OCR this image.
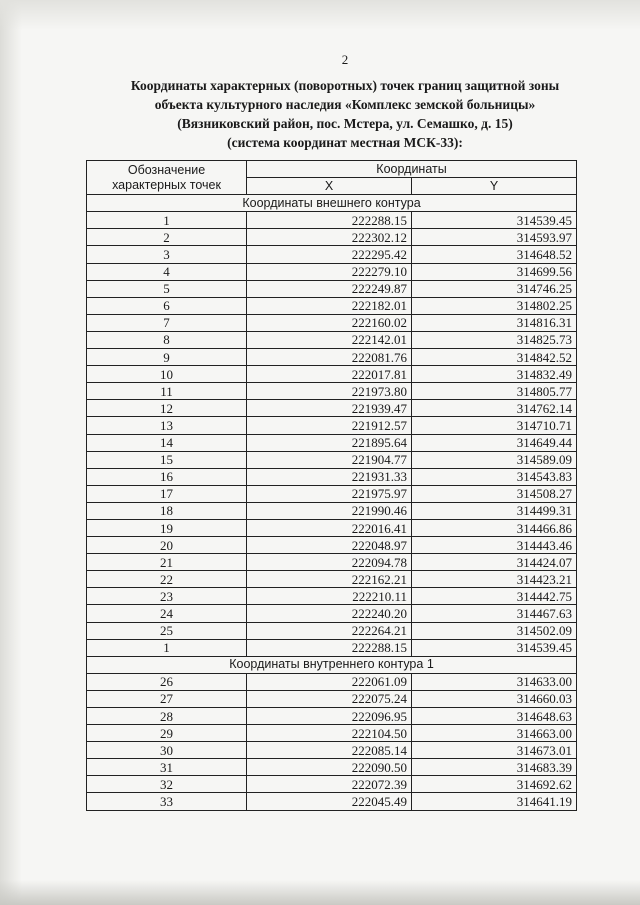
2
Координаты характерных (поворотных) точек границ защитной зоны
объекта культурного наследия «Комплекс земской больницы»
(Вязниковский район, пос. Мстера, ул. Семашко, д. 15)
(система координат местная МСК-33):
Обозначение
характерных точек	Координаты	
	X	Y
Координаты внешнего контура		
1	222288.15	314539.45
2	222302.12	314593.97
3	222295.42	314648.52
4	222279.10	314699.56
5	222249.87	314746.25
6	222182.01	314802.25
7	222160.02	314816.31
8	222142.01	314825.73
9	222081.76	314842.52
10	222017.81	314832.49
11	221973.80	314805.77
12	221939.47	314762.14
13	221912.57	314710.71
14	221895.64	314649.44
15	221904.77	314589.09
16	221931.33	314543.83
17	221975.97	314508.27
18	221990.46	314499.31
19	222016.41	314466.86
20	222048.97	314443.46
21	222094.78	314424.07
22	222162.21	314423.21
23	222210.11	314442.75
24	222240.20	314467.63
25	222264.21	314502.09
1	222288.15	314539.45
Координаты внутреннего контура 1		
26	222061.09	314633.00
27	222075.24	314660.03
28	222096.95	314648.63
29	222104.50	314663.00
30	222085.14	314673.01
31	222090.50	314683.39
32	222072.39	314692.62
33	222045.49	314641.19
